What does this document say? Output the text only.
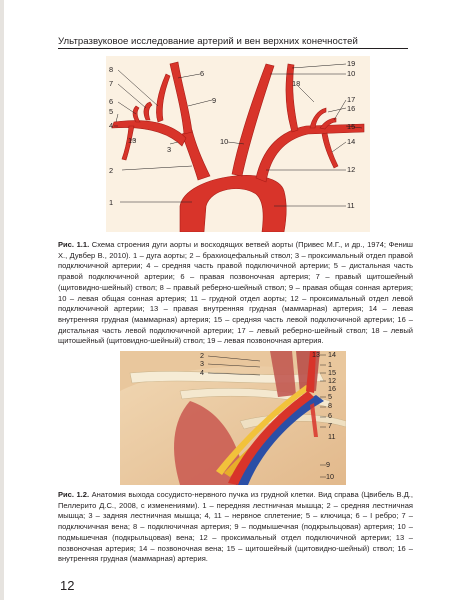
Ультразвуковое исследование артерий и вен верхних конечностей
8
7
6
5
4
13
3
2
1
6
9
10
18
19
10
17
16
15
14
12
11
Рис. 1.1. Схема строения дуги аорты и восходящих ветвей аорты (Привес М.Г., и др., 1974; Фениш Х., Дувбер В., 2010). 1 – дуга аорты; 2 – брахиоцефальный ствол; 3 – проксимальный отдел правой подключичной артерии; 4 – средняя часть правой подключичной артерии; 5 – дистальная часть правой подключичной артерии; 6 – правая позвоночная артерия; 7 – правый щитошейный (щитовидно-шейный) ствол; 8 – правый реберно-шейный ствол; 9 – правая общая сонная артерия; 10 – левая общая сонная артерия; 11 – грудной отдел аорты; 12 – проксимальный отдел левой подключичной артерии; 13 – правая внутренняя грудная (маммарная) артерия; 14 – левая внутренняя грудная (маммарная) артерия; 15 – средняя часть левой подключичной артерии; 16 – дистальная часть левой подключичной артерии; 17 – левый реберно-шейный ствол; 18 – левый щитошейный (щитовидно-шейный) ствол; 19 – левая позвоночная артерия.
2
3
4
13 14
1
15
12
16
5
8
6
7
11
9
10
Рис. 1.2. Анатомия выхода сосудисто-нервного пучка из грудной клетки. Вид справа (Цвибель В.Д., Пеллерито Д.С., 2008, с изменениями). 1 – передняя лестничная мышца; 2 – средняя лестничная мышца; 3 – задняя лестничная мышца; 4, 11 – нервное сплетение; 5 – ключица; 6 – I ребро; 7 – подключичная вена; 8 – подключичная артерия; 9 – подмышечная (подкрыльцовая) артерия; 10 – подмышечная (подкрыльцовая) вена; 12 – проксимальный отдел подключичной артерии; 13 – позвоночная артерия; 14 – позвоночная вена; 15 – щитошейный (щитовидно-шейный) ствол; 16 – внутренняя грудная (маммарная) артерия.
12
